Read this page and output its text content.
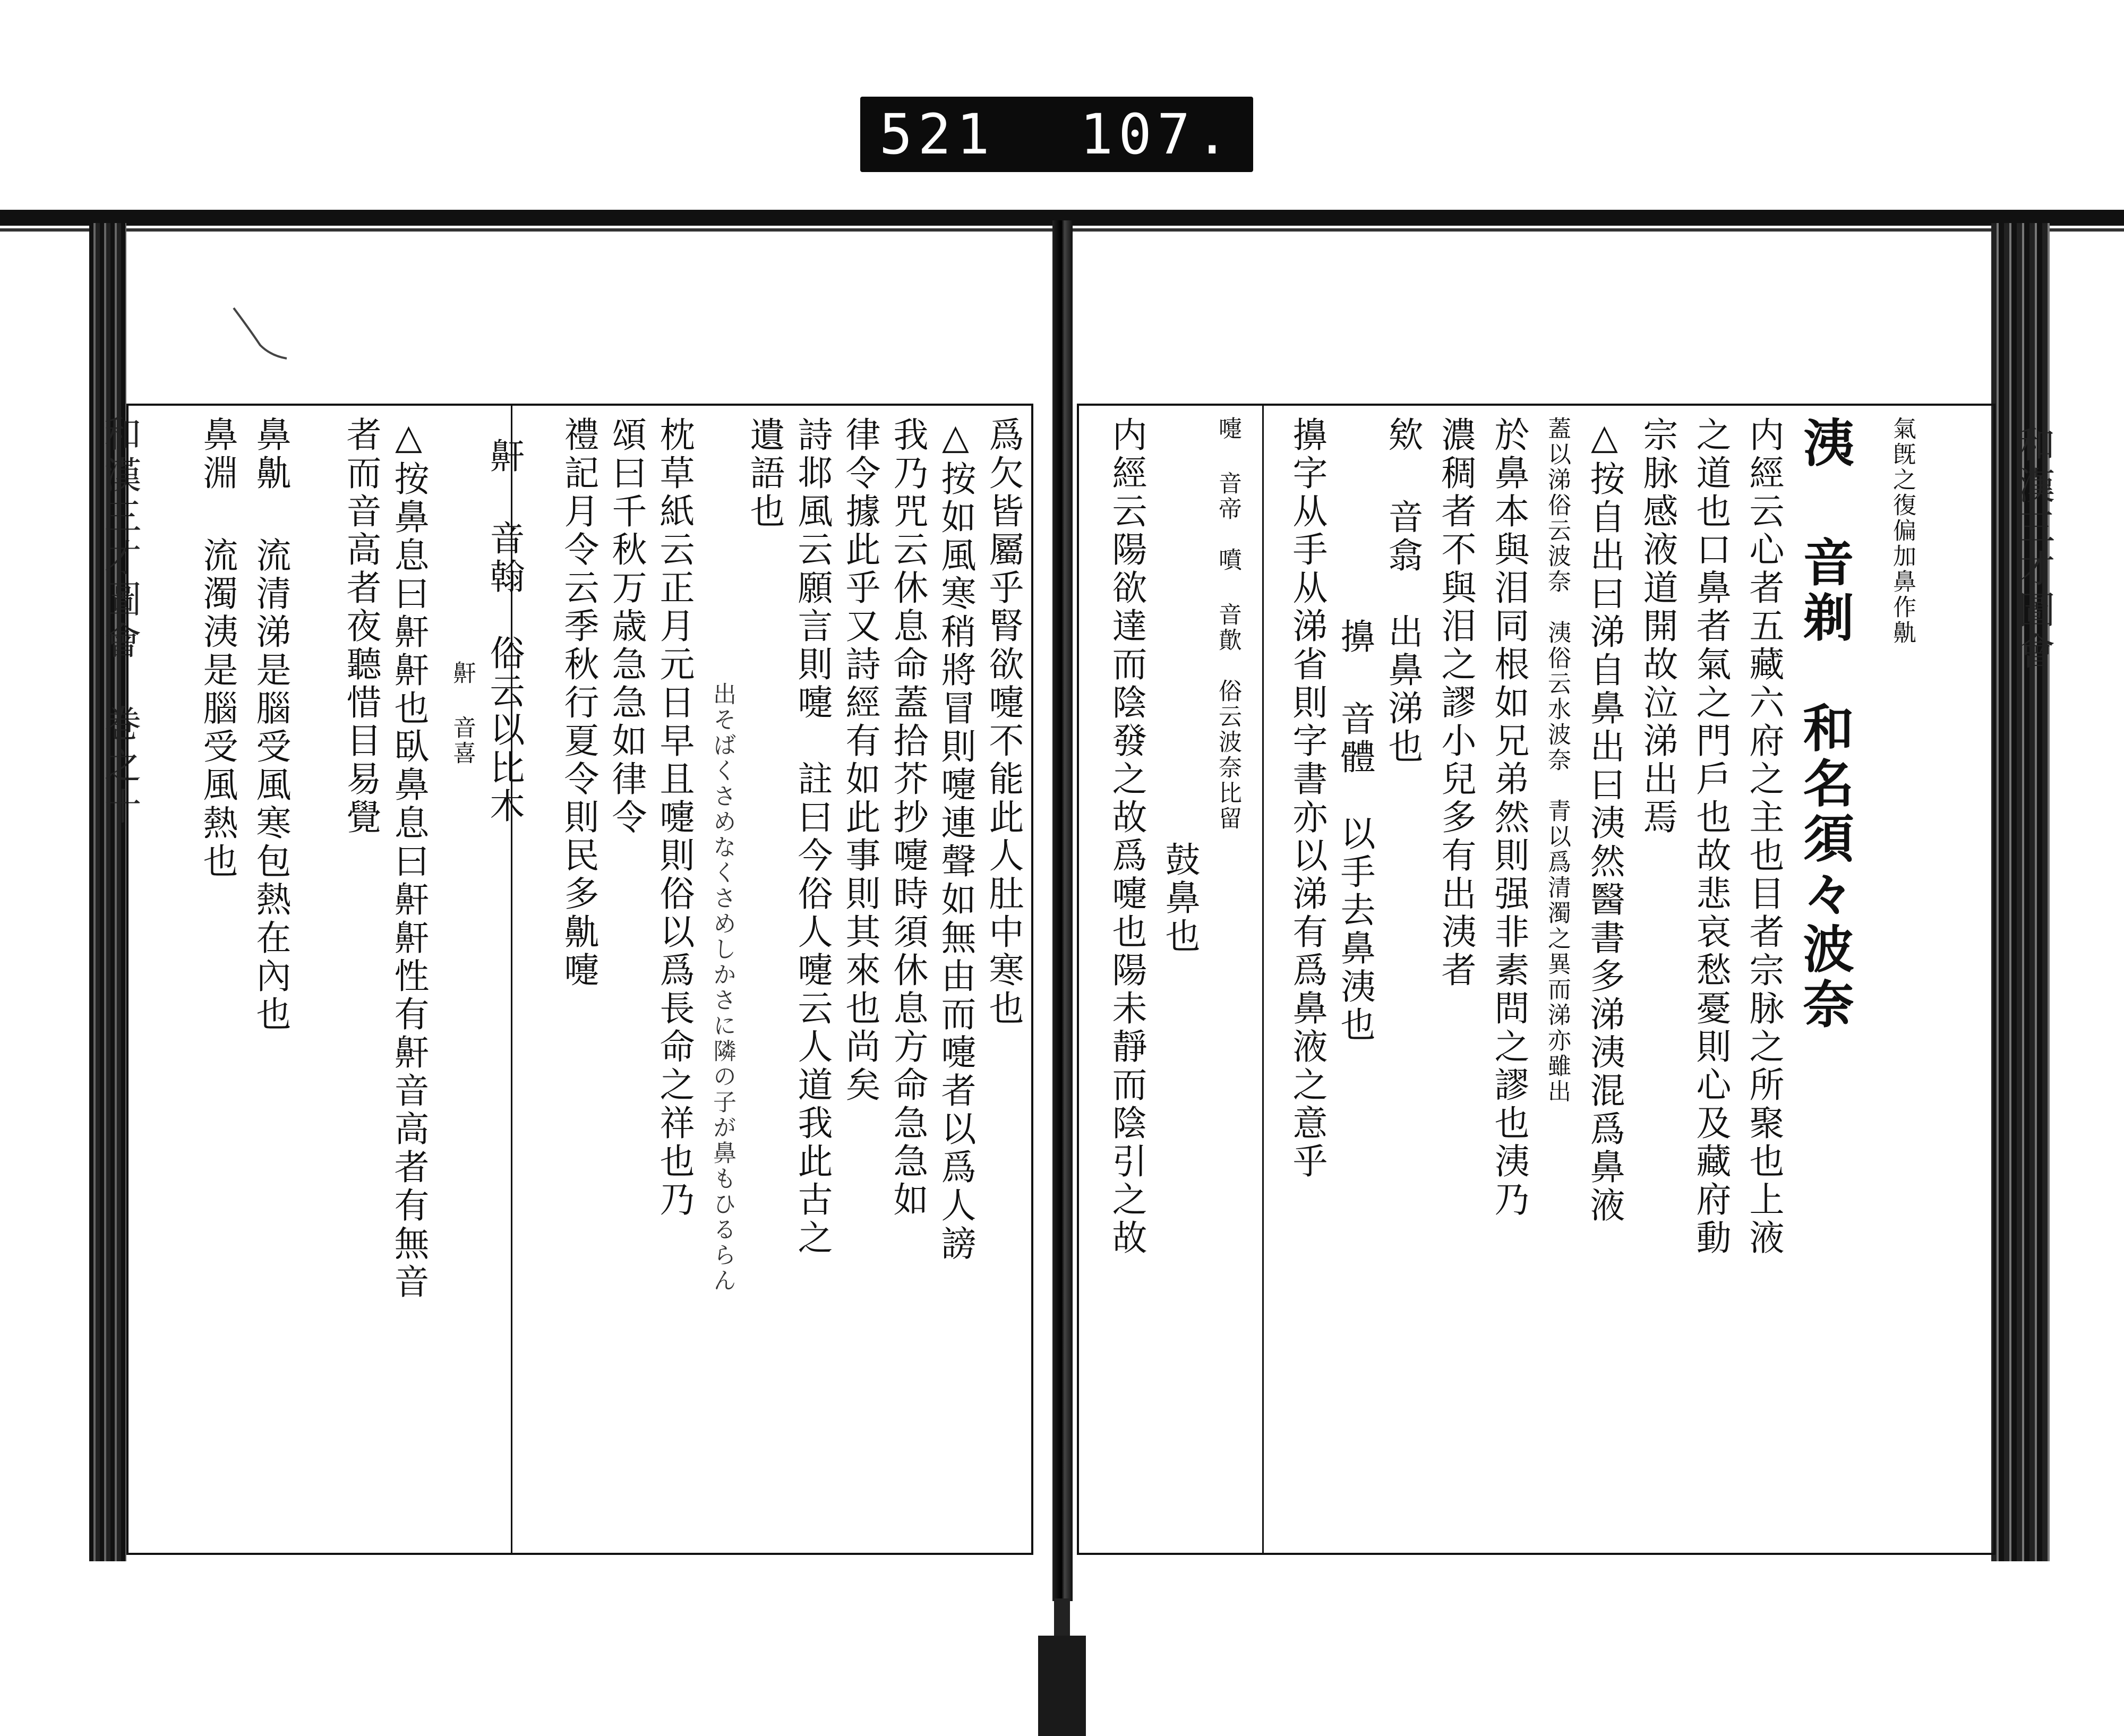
521 107.
和漢三才圖會　巻之十	和漢三才圖會
氣旣之復偏加鼻作鼽
洟 音剃　和名須々波奈
内經云心者五藏六府之主也目者宗脉之所聚也上液
之道也口鼻者氣之門戶也故悲哀愁憂則心及藏府動
宗脉感液道開故泣涕出焉
△按自出曰涕自鼻出曰洟然醫書多涕洟混爲鼻液
蓋以涕俗云波奈　洟俗云水波奈　青以爲清濁之異而涕亦雖出
於鼻本與泪同根如兄弟然則强非素問之謬也洟乃
濃稠者不與泪之謬小兒多有出洟者
欸 音翕　出鼻涕也
擤 音體　以手去鼻洟也
擤字从手从涕省則字書亦以涕有爲鼻液之意乎
嚏 音帝　噴 音歕　俗云波奈比留
鼓鼻也
内經云陽欲達而陰發之故爲嚏也陽未靜而陰引之故
爲欠皆屬乎腎欲嚏不能此人肚中寒也
△按如風寒稍將冒則嚏連聲如無由而嚏者以爲人謗
我乃咒云休息命蓋拾芥抄嚏時須休息方命急急如
律令據此乎又詩經有如此事則其來也尚矣
詩邶風云願言則嚏　註曰今俗人嚏云人道我此古之
遺語也
出そばくさめなくさめしかさに隣の子が鼻もひるらん
枕草紙云正月元日早且嚏則俗以爲長命之祥也乃
頌曰千秋万歳急急如律令
禮記月令云季秋行夏令則民多鼽嚏
鼾 音翰　俗云以比木
鼾 音喜
△按鼻息曰鼾鼾也臥鼻息曰鼾鼾性有鼾音高者有無音
者而音高者夜聽惜目易覺
鼻鼽 流清涕是腦受風寒包熱在內也
鼻淵 流濁洟是腦受風熱也
